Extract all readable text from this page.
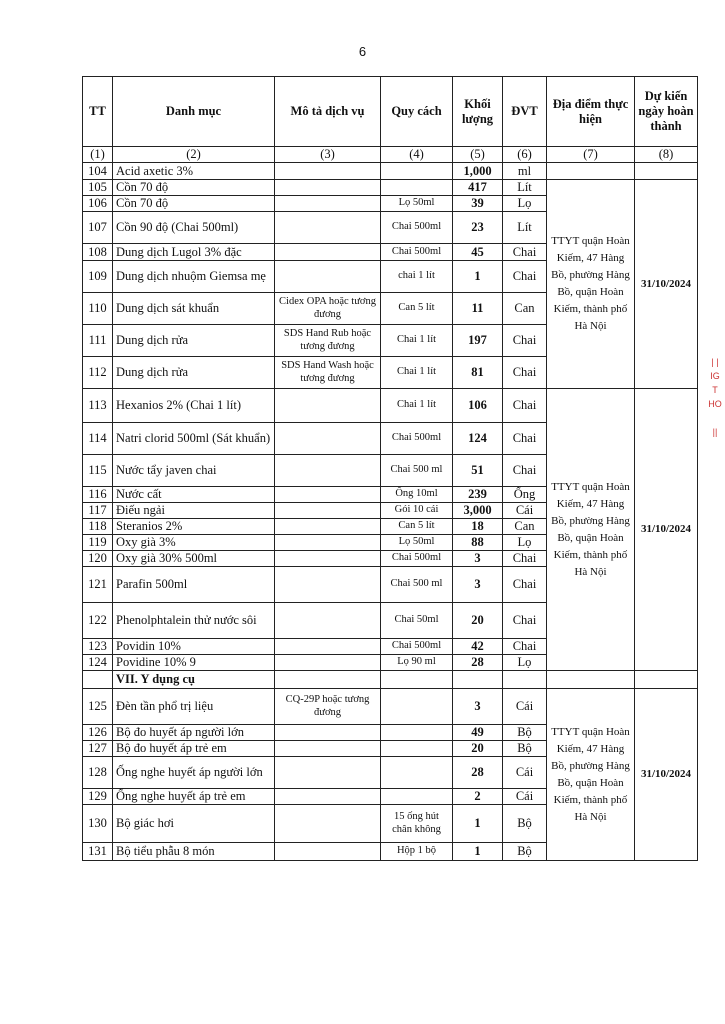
6
TT	Danh mục	Mô tả dịch vụ	Quy cách	Khối lượng	ĐVT	Địa điểm thực hiện	Dự kiến ngày hoàn thành
(1)	(2)	(3)	(4)	(5)	(6)	(7)	(8)
104	Acid axetic 3%			1,000	ml		
105	Cồn 70 độ			417	Lít	TTYT quận Hoàn Kiếm, 47 Hàng Bồ, phường Hàng Bồ, quận Hoàn Kiếm, thành phố Hà Nội	31/10/2024
106	Cồn 70 độ		Lọ 50ml	39	Lọ		
107	Cồn 90 độ (Chai 500ml)		Chai 500ml	23	Lít		
108	Dung dịch Lugol 3% đặc		Chai 500ml	45	Chai		
109	Dung dịch nhuộm Giemsa mẹ		chai 1 lít	1	Chai		
110	Dung dịch sát khuẩn	Cidex OPA hoặc tương đương	Can 5 lít	11	Can		
111	Dung dịch rửa	SDS Hand Rub hoặc tương đương	Chai 1 lít	197	Chai		
112	Dung dịch rửa	SDS Hand Wash hoặc tương đương	Chai 1 lít	81	Chai		
113	Hexanios 2% (Chai 1 lít)		Chai 1 lít	106	Chai	TTYT quận Hoàn Kiếm, 47 Hàng Bồ, phường Hàng Bồ, quận Hoàn Kiếm, thành phố Hà Nội	31/10/2024
114	Natri clorid 500ml (Sát khuẩn)		Chai 500ml	124	Chai		
115	Nước tẩy javen chai		Chai 500 ml	51	Chai		
116	Nước cất		Ống 10ml	239	Ống		
117	Điếu ngải		Gói 10 cái	3,000	Cái		
118	Steranios 2%		Can 5 lít	18	Can		
119	Oxy già 3%		Lọ 50ml	88	Lọ		
120	Oxy già 30% 500ml		Chai 500ml	3	Chai		
121	Parafin 500ml		Chai 500 ml	3	Chai		
122	Phenolphtalein thử nước sôi		Chai 50ml	20	Chai		
123	Povidin 10%		Chai 500ml	42	Chai		
124	Povidine 10% 9		Lọ 90 ml	28	Lọ		
	VII. Y dụng cụ						
125	Đèn tần phổ trị liệu	CQ-29P hoặc tương đương		3	Cái	TTYT quận Hoàn Kiếm, 47 Hàng Bồ, phường Hàng Bồ, quận Hoàn Kiếm, thành phố Hà Nội	31/10/2024
126	Bộ đo huyết áp người lớn			49	Bộ		
127	Bộ đo huyết áp trẻ em			20	Bộ		
128	Ống nghe huyết áp người lớn			28	Cái		
129	Ống nghe huyết áp trẻ em			2	Cái		
130	Bộ giác hơi		15 ống hút chân không	1	Bộ		
131	Bộ tiểu phẫu 8 món		Hộp 1 bộ	1	Bộ		
| |
IG
T
HO

||
